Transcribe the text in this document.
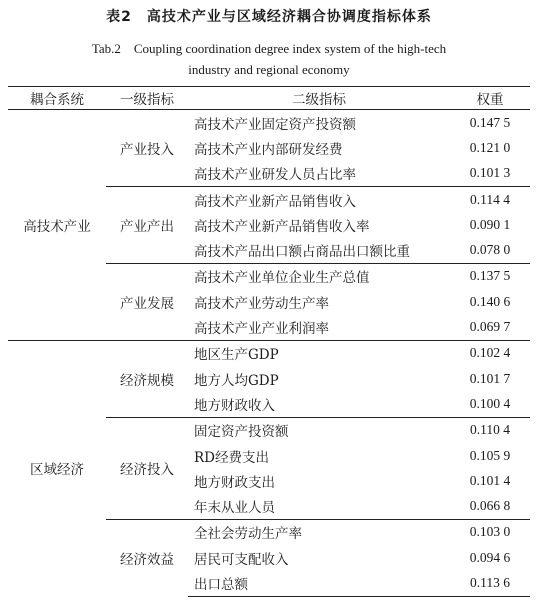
表2　高技术产业与区域经济耦合协调度指标体系
Tab.2　Coupling coordination degree index system of the high-tech
industry and regional economy
耦合系统	一级指标	二级指标	权重
高技术产业	产业投入	高技术产业固定资产投资额	0.147 5
		高技术产业内部研发经费	0.121 0
		高技术产业研发人员占比率	0.101 3
	产业产出	高技术产业新产品销售收入	0.114 4
		高技术产业新产品销售收入率	0.090 1
		高技术产品出口额占商品出口额比重	0.078 0
	产业发展	高技术产业单位企业生产总值	0.137 5
		高技术产业劳动生产率	0.140 6
		高技术产业产业利润率	0.069 7
区域经济	经济规模	地区生产GDP	0.102 4
		地方人均GDP	0.101 7
		地方财政收入	0.100 4
	经济投入	固定资产投资额	0.110 4
		RD经费支出	0.105 9
		地方财政支出	0.101 4
		年末从业人员	0.066 8
	经济效益	全社会劳动生产率	0.103 0
		居民可支配收入	0.094 6
		出口总额	0.113 6
